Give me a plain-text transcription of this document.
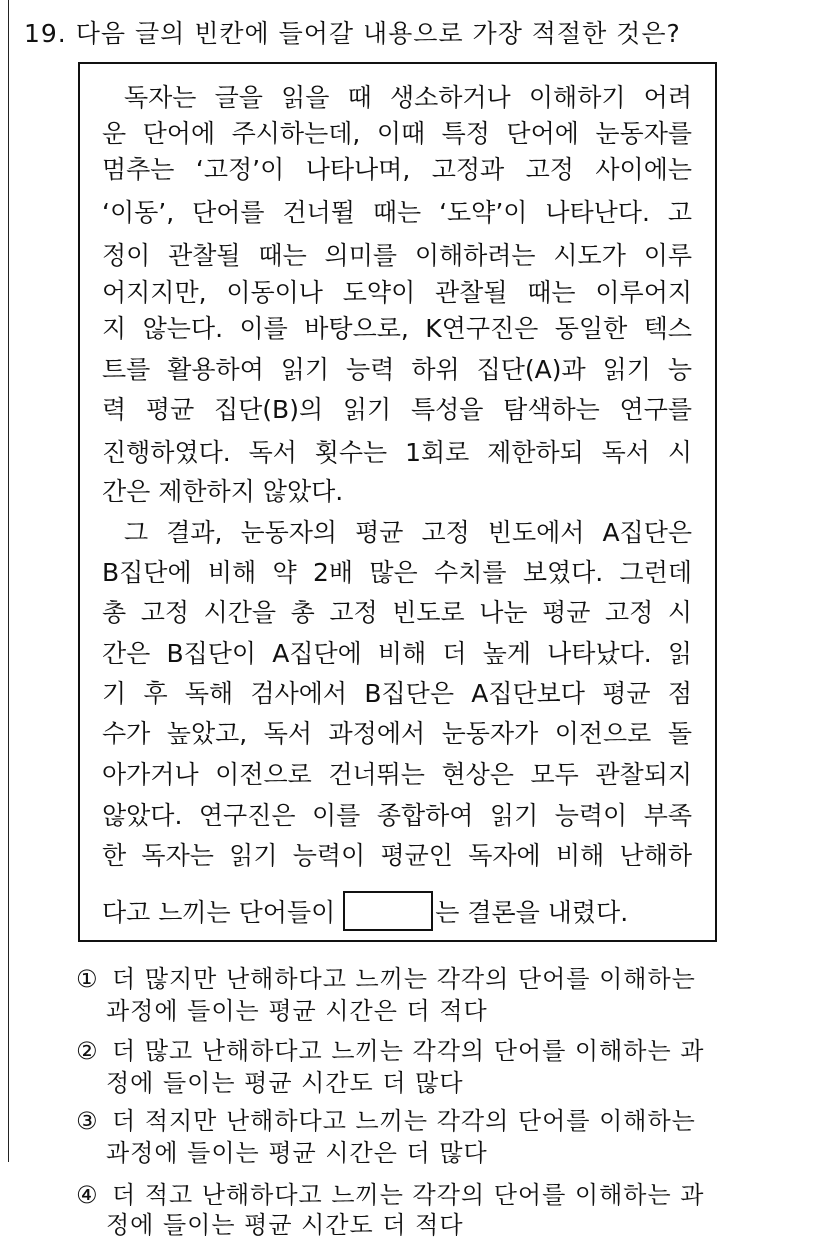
19. 다음 글의 빈칸에 들어갈 내용으로 가장 적절한 것은?
독자는 글을 읽을 때 생소하거나 이해하기 어려
운 단어에 주시하는데, 이때 특정 단어에 눈동자를
멈추는 ‘고정’이 나타나며, 고정과 고정 사이에는
‘이동’, 단어를 건너뛸 때는 ‘도약’이 나타난다. 고
정이 관찰될 때는 의미를 이해하려는 시도가 이루
어지지만, 이동이나 도약이 관찰될 때는 이루어지
지 않는다. 이를 바탕으로, K연구진은 동일한 텍스
트를 활용하여 읽기 능력 하위 집단(A)과 읽기 능
력 평균 집단(B)의 읽기 특성을 탐색하는 연구를
진행하였다. 독서 횟수는 1회로 제한하되 독서 시
간은 제한하지 않았다.
그 결과, 눈동자의 평균 고정 빈도에서 A집단은
B집단에 비해 약 2배 많은 수치를 보였다. 그런데
총 고정 시간을 총 고정 빈도로 나눈 평균 고정 시
간은 B집단이 A집단에 비해 더 높게 나타났다. 읽
기 후 독해 검사에서 B집단은 A집단보다 평균 점
수가 높았고, 독서 과정에서 눈동자가 이전으로 돌
아가거나 이전으로 건너뛰는 현상은 모두 관찰되지
않았다. 연구진은 이를 종합하여 읽기 능력이 부족
한 독자는 읽기 능력이 평균인 독자에 비해 난해하
다고 느끼는 단어들이	는 결론을 내렸다.
① 더 많지만 난해하다고 느끼는 각각의 단어를 이해하는
과정에 들이는 평균 시간은 더 적다
② 더 많고 난해하다고 느끼는 각각의 단어를 이해하는 과
정에 들이는 평균 시간도 더 많다
③ 더 적지만 난해하다고 느끼는 각각의 단어를 이해하는
과정에 들이는 평균 시간은 더 많다
④ 더 적고 난해하다고 느끼는 각각의 단어를 이해하는 과
정에 들이는 평균 시간도 더 적다
